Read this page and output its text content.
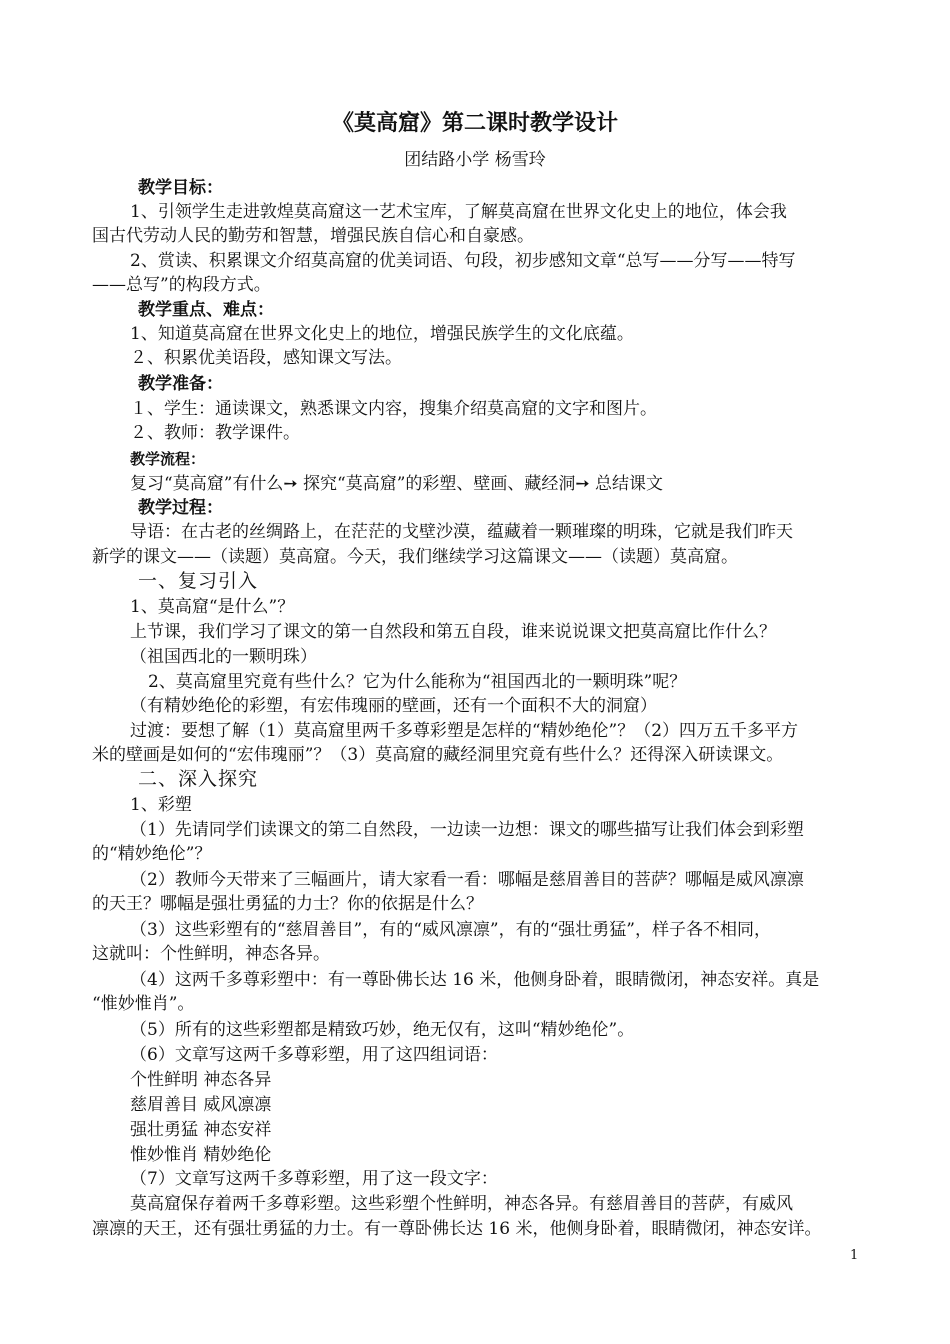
《莫高窟》第二课时教学设计
团结路小学 杨雪玲
教学目标：
1、引领学生走进敦煌莫高窟这一艺术宝库，了解莫高窟在世界文化史上的地位，体会我
国古代劳动人民的勤劳和智慧，增强民族自信心和自豪感。
2、赏读、积累课文介绍莫高窟的优美词语、句段，初步感知文章“总写——分写——特写
——总写”的构段方式。
教学重点、难点：
1、知道莫高窟在世界文化史上的地位，增强民族学生的文化底蕴。
２、积累优美语段，感知课文写法。
教学准备：
１、学生：通读课文，熟悉课文内容，搜集介绍莫高窟的文字和图片。
２、教师：教学课件。
教学流程：
复习“莫高窟”有什么➙ 探究“莫高窟”的彩塑、壁画、藏经洞➙ 总结课文
教学过程：
导语：在古老的丝绸路上，在茫茫的戈壁沙漠，蕴藏着一颗璀璨的明珠，它就是我们昨天
新学的课文——（读题）莫高窟。今天，我们继续学习这篇课文——（读题）莫高窟。
一、复习引入
1、莫高窟“是什么”？
上节课，我们学习了课文的第一自然段和第五自段，谁来说说课文把莫高窟比作什么？
（祖国西北的一颗明珠）
2、莫高窟里究竟有些什么？它为什么能称为“祖国西北的一颗明珠”呢？
（有精妙绝伦的彩塑，有宏伟瑰丽的壁画，还有一个面积不大的洞窟）
过渡：要想了解（1）莫高窟里两千多尊彩塑是怎样的“精妙绝伦”？（2）四万五千多平方
米的壁画是如何的“宏伟瑰丽”？（3）莫高窟的藏经洞里究竟有些什么？还得深入研读课文。
二、深入探究
1、彩塑
（1）先请同学们读课文的第二自然段，一边读一边想：课文的哪些描写让我们体会到彩塑
的“精妙绝伦”？
（2）教师今天带来了三幅画片，请大家看一看：哪幅是慈眉善目的菩萨？哪幅是威风凛凛
的天王？哪幅是强壮勇猛的力士？你的依据是什么？
（3）这些彩塑有的“慈眉善目”，有的“威风凛凛”，有的“强壮勇猛”，样子各不相同，
这就叫：个性鲜明，神态各异。
（4）这两千多尊彩塑中：有一尊卧佛长达 16 米，他侧身卧着，眼睛微闭，神态安祥。真是
“惟妙惟肖”。
（5）所有的这些彩塑都是精致巧妙，绝无仅有，这叫“精妙绝伦”。
（6）文章写这两千多尊彩塑，用了这四组词语：
个性鲜明 神态各异
慈眉善目 威风凛凛
强壮勇猛 神态安祥
惟妙惟肖 精妙绝伦
（7）文章写这两千多尊彩塑，用了这一段文字：
莫高窟保存着两千多尊彩塑。这些彩塑个性鲜明，神态各异。有慈眉善目的菩萨，有威风
凛凛的天王，还有强壮勇猛的力士。有一尊卧佛长达 16 米，他侧身卧着，眼睛微闭，神态安详。
1
